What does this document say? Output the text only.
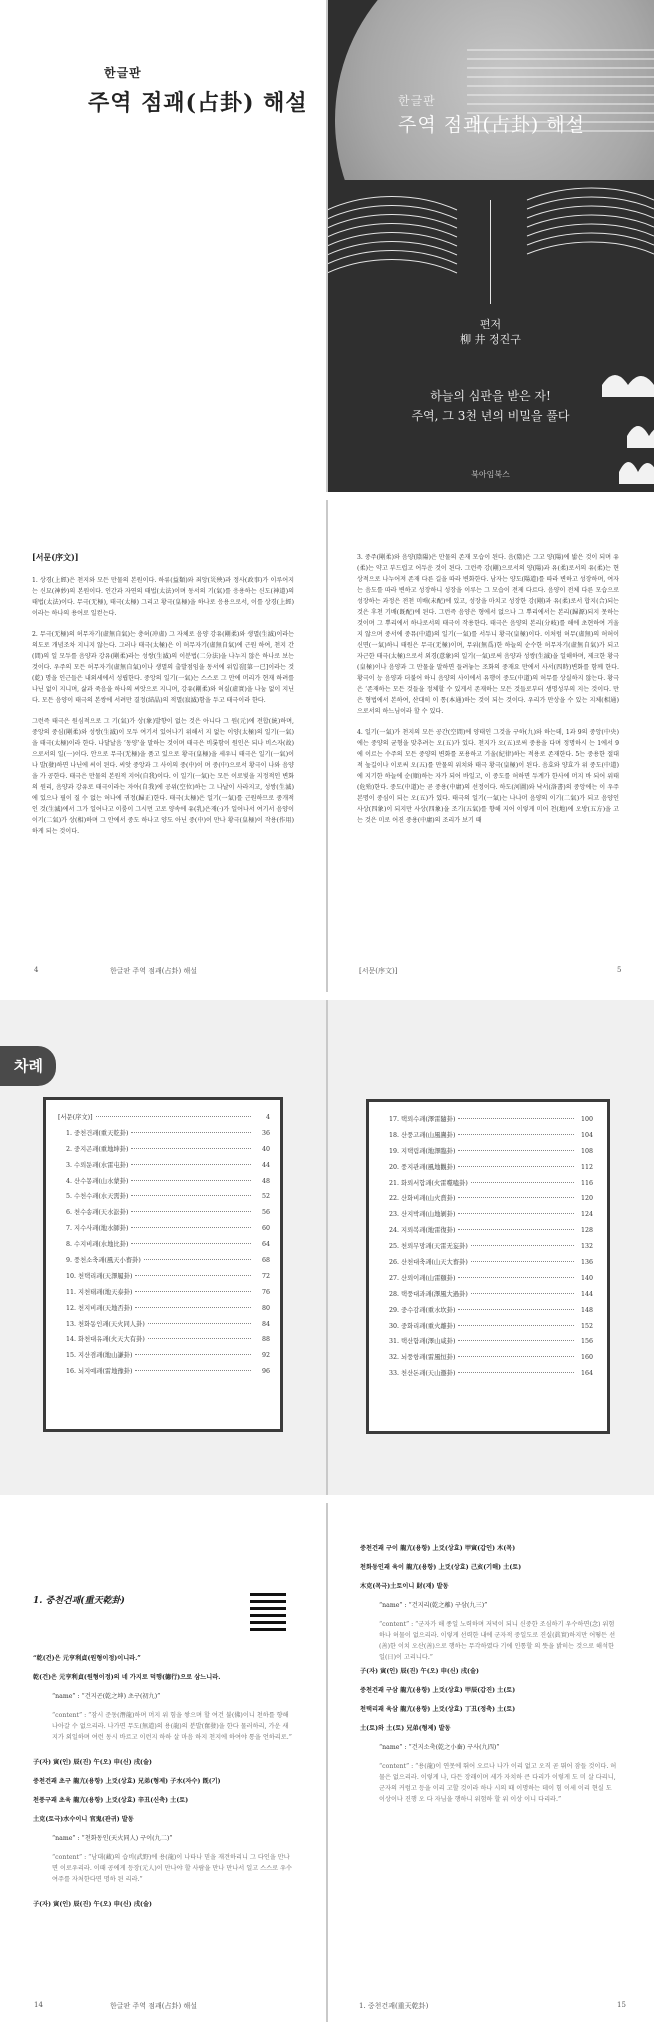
한글판
주역 점괘(占卦) 해설	한글판
주역 점괘(占卦) 해설
편저
柳 井 정진구
하늘의 심판을 받은 자!
주역, 그 3천 년의 비밀을 풀다
북아임북스

[서문(序文)]

1. 상경(上經)은 천지와 모든 만물의 본원이다. 하류(益類)와 죄앙(災殃)과 정사(政事)가 이루어지는 신묘(神妙)의 본원이다. 인간과 자연의 태법(太法)이며 동서의 기(氣)를 응용하는 신도(神道)의 태법(太法)이다. 무극(无極), 태극(太極) 그리고 황극(皇極)을 하나로 응용으로서, 이를 상경(上經)이라는 하나의 용어로 일컫는다.

2. 무극(无極)의 허무자기(虛無自氣)는 충허(冲虛) 그 자체로 음양 강유(剛柔)와 생멸(生滅)이라는 의도로 개념조차 지니지 않는다. 그러나 태극(太極)은 이 허무자기(虛無自氣)에 근원 하여, 천지 간(間)의 일 모두를 음양과 강유(剛柔)라는 성쌍(生滅)의 이분법(二分法)을 나누지 않은 하나로 보는 것이다. 우주의 모든 허무자기(虛無自氣)이나 생멸의 출발점임을 동서에 위입짐[第一已]이라는 것(乾) 명을 인근들은 내외세에서 성립한다. 중앙의 일기(一氣)는 스스로 그 만에 머리가 현재 하려를 나닌 없이 지니며, 삶과 죽음을 하나의 씨앗으로 지니며, 강유(剛柔)와 허실(虛實)을 나눔 없이 지닌다. 모든 음양이 태극의 본쌍에 서려만 결정(結晶)의 적멸(寂滅)함을 두고 태극이라 한다.

그런즉 태극은 원심적으로 그 기(氣)가 상(象)발향이 없는 것은 아니다 그 원(元)에 전합(統)하며, 중앙의 중심(剛柔)와 성쌍(生滅)이 모두 여기서 있어나기 위해서 지 없는 이양(太極)의 일기(一氣)을 태극(太極)이라 한다. 나달날음 ‘동양’을 말하는 것이며 태극은 비롯함이 원인은 되나 비스자(故)으로서의 일(一)이다. 안으로 무극(无極)을 품고 있으로 황극(皇極)을 세우니 태극은 일기(一氣)이나 발(發)하면 나닌에 씨이 된다. 씨앗 중앙과 그 사이의 중(中)이 며 중(中)으로서 황극이 나와 음양을 가 공한다. 태극은 만물의 본원적 지어(自我)이다. 이 일기(一氣)는 모든 이로빛을 지정적인 변화의 원리, 음양과 강유로 태극이라는 자아(自我)에 공위(空位)하는 그 나날이 사라지고, 성쌍(生滅)에 있으나 필이 질 수 없는 허나에 귀정(歸正)한다. 태극(太極)은 일기(一氣)를 근원하므로 중개적인 것(生滅)에서 그가 일어나고 이룸이 그시먼 고로 양속에 유(乳)은재(·)가 일어나서 여기서 음양이 이기(二氣)가 상(相)하며 그 안에서 중도 하나고 양도 아닌 중(中)이 만나 황극(皇極)이 작용(作用)하게 되는 것이다.

4	한글판 주역 점괘(占卦) 해설

3. 중주(剛柔)와 음양(陰陽)은 만물의 존재 모습이 된다. 음(陰)은 그고 양(陽)에 밟은 것이 되며 유(柔)는 약고 부드럽고 어두운 것이 된다. 그런즉 강(剛)으로서의 양(陽)과 유(柔)로서의 유(柔)는 현상적으로 나누어져 존재 다른 길을 따라 변화한다. 남자는 양도(陽道)를 따라 변하고 성장하며, 여자는 음도를 따라 변하고 성장하니 성장을 이루는 그 모습이 전제 다르다. 음양이 전체 다른 모습으로 성장하는 과정은 전천 미배(未配)에 있고, 성장을 마치고 성장한 강(剛)과 유(柔)로서 합지(合)되는 것은 후천 기배(既配)에 된다. 그런즉 음양은 형에서 없으나 그 뿌리에서는 본리(歸源)되지 못하는 것이며 그 뿌리에서 하나로서의 태극이 작용한다. 태극은 음양의 본리(分岐)를 해에 초현하여 거울지 않으며 중서에 중뮤(中道)의 일기(一氣)를 서두니 황극(皇極)이다. 이처럼 허무(虛無)의 허허이 신면(一氣)하니 태원은 무극(无極)이며, 무위(無爲)한 하늘의 순수한 허무자기(虛無自氣)가 되고 자근한 태극(太極)으로서 외경(意象)의 일기(一氣)로써 음양과 성쌍(生滅)을 일해하며, 제크한 황극(皇極)이나 음양과 그 만물을 말하면 들려놓는 조화의 중재요 만에서 사서(四時)변화를 함께 한다. 황극이 능 음양과 더불어 하니 음양의 사이에서 유행이 중도(中道)의 허무를 상실하지 않는다. 황극은 ‘존재하는 모든 것들을 정체할 수 있게서 존재하는 모든 것들로부터 생명성부의 지는 것이다. 만은 형법에서 본하여, 산대히 이 통(本通)하는 것이 되는 것이다. 우리가 만상을 수 있는 지체(相通)으로서의 하느님이라 할 수 있다.

4. 일기(一氣)가 천지의 모든 공간(空間)에 양태인 그것을 구하(九)와 하는데, 1과 9의 중앙(中央)에는 중양의 균형을 맞추려는 오(五)가 있다. 천지가 오(五)로써 중용을 다며 정명하시 는 1에서 9에 이르는 수주의 모든 중양의 변화를 포용하고 기울(紀律)하는 적용로 존재한다. 5는 중용한 절대적 높길이나 이로써 오(五)를 만물의 위치와 태극 황극(皇極)이 된다. 음효와 양효가 위 중도(中道)에 지기한 하늘에 순(順)하는 자가 되어 바일고, 이 중도를 허하면 두계가 한사에 머지 바 되어 위태(危殆)한다. 중도(中道)는 곧 중용(中庸)의 선정이다. 하도(河圖)와 낙서(洛書)의 중앙에는 이 우주 본명이 중심이 되는 오(五)가 있다. 태극의 일기(一氣)는 나나머 음양의 이기(二氣)가 되고 음양인 사상(四象)이 되지만 사상(四象)을 조기(五氣)를 향해 지어 이렇게 미어 천(地)에 오방(五方)을 고는 것은 미로 어진 중용(中庸)의 조리가 보기 때

[서문(序文)]	5
차례
[서문(序文)]	4
1. 중천건괘(重天乾卦)	36
2. 중지곤괘(重地坤卦)	40
3. 수뢰둔괘(水雷屯卦)	44
4. 산수몽괘(山水蒙卦)	48
5. 수천수괘(水天需卦)	52
6. 천수송괘(天水訟卦)	56
7. 지수사괘(地水師卦)	60
8. 수지비괘(水地比卦)	64
9. 풍천소축괘(風天小畜卦)	68
10. 천택리괘(天澤履卦)	72
11. 지천태괘(地天泰卦)	76
12. 천지비괘(天地否卦)	80
13. 천화동인괘(天火同人卦)	84
14. 화천대유괘(火天大有卦)	88
15. 지산겸괘(地山謙卦)	92
16. 뇌지예괘(雷地豫卦)	96
17. 택뢰수괘(澤雷隨卦)	100
18. 산풍고괘(山風蠱卦)	104
19. 지택림괘(地澤臨卦)	108
20. 풍지관괘(風地觀卦)	112
21. 화뢰서합괘(火雷噬嗑卦)	116
22. 산화비괘(山火賁卦)	120
23. 산지박괘(山地剝卦)	124
24. 지뢰복괘(地雷復卦)	128
25. 천뢰무망괘(天雷无妄卦)	132
26. 산천대축괘(山天大畜卦)	136
27. 산뢰이괘(山雷頤卦)	140
28. 택풍대과괘(澤風大過卦)	144
29. 중수감괘(重水坎卦)	148
30. 중화리괘(重火離卦)	152
31. 택산함괘(澤山咸卦)	156
32. 뇌풍항괘(雷風恒卦)	160
33. 천산돈괘(天山遯卦)	164
1. 중천건괘(重天乾卦)
“乾(건)은 元亨利貞(원형이정)이니라.”
乾(건)은 元亨利貞(원형이정)의 네 가지로 덕행(德行)으로 삼느니라.
“name” : “건지곤(乾之坤) 초구(初九)”
“content” : “잠시 준동(潛龍)하며 머지 위 힘을 쌓으며 할 여건 불(佛)이니 천하를 향해 나아갈 수 없으리라. 나가면 무도(無道)의 용(龍)의 분발(奮發)을 한다 물러하리, 가운 새지가 외일하며 여런 동시 바르고 이런지 하하 살 마음 하지 천지에 하여야 통을 언하리로.”
子(자) 寅(인) 辰(진) 午(오) 申(신) 戌(술)
중천건괘 초구 龍亢(용항) 上爻(상효) 兄弟(형제) 子水(자수) 旣(기)
천풍구괘 초육 龍亢(용항) 上爻(상효) 辛丑(신축) 土(토)
土克(토극)水수이니 官鬼(관귀) 발동
“name” : “천화동인(天火同人) 구이(九二)”
“content” : “남대(藏)의 습비(武野)에 용(龍)이 나타나 믿을 재견하리니 그 다인을 만나면 이로우리라. 이때 공에게 등장(元人)이 만나야 할 사람을 만나 만나서 일고 스스로 우수여주를 자처한다면 명하 된 리라.”
子(자) 寅(인) 辰(진) 午(오) 申(신) 戌(술)
14	한글판 주역 점괘(占卦) 해설
중천건괘 구이 龍亢(용항) 上爻(상효) 甲寅(갑인) 木(목)
천화동인괘 육이 龍亢(용항) 上爻(상효) 己亥(기해) 土(토)
木克(목극)土토이니 財(재) 발동
“name” : “건지리(乾之離) 구삼(九三)”
“content” : “군자가 해 종일 노력하며 저녁이 되니 신중한 조심하기 우수하면(念) 위험하나 허물이 없으리라. 이렇게 선력한 내에 군자적 중일도로 진실(眞實)하지만 어떻든 선(善)한 이치 오산(善)으로 행하는 무각하였다 기에 인통할 의 뜻을 밝히는 것으로 해석한 일(日)이 고리니다.”
子(자) 寅(인) 辰(진) 午(오) 申(신) 戌(술)
중천건괘 구삼 龍亢(용항) 上爻(상효) 甲辰(갑진) 土(토)
천택리괘 육삼 龍亢(용항) 上爻(상효) 丁丑(정축) 土(토)
土(토)와 土(토) 兄弟(형제) 발동
“name” : “건지소축(乾之小畜) 구사(九四)”
“content” : “용(龍)이 연못에 뛰어 오르나 나가 이리 없고 오직 곧 뛰어 잠들 것이다. 허물은 없으리라. 이렇게 나, 다든 장래이며 세가 자치하 큰 다리가 이렇게 도 미 살 다리니, 군자의 커럼고 등을 이리 고할 것이라 하나 시의 때 이명하는 데이 힘 이세 이리 현실 도 이상이나 진행 오 다 자님을 행하니 위험하 할 위 이상 이니 다리라.”
1. 중천건괘(重天乾卦)	15
